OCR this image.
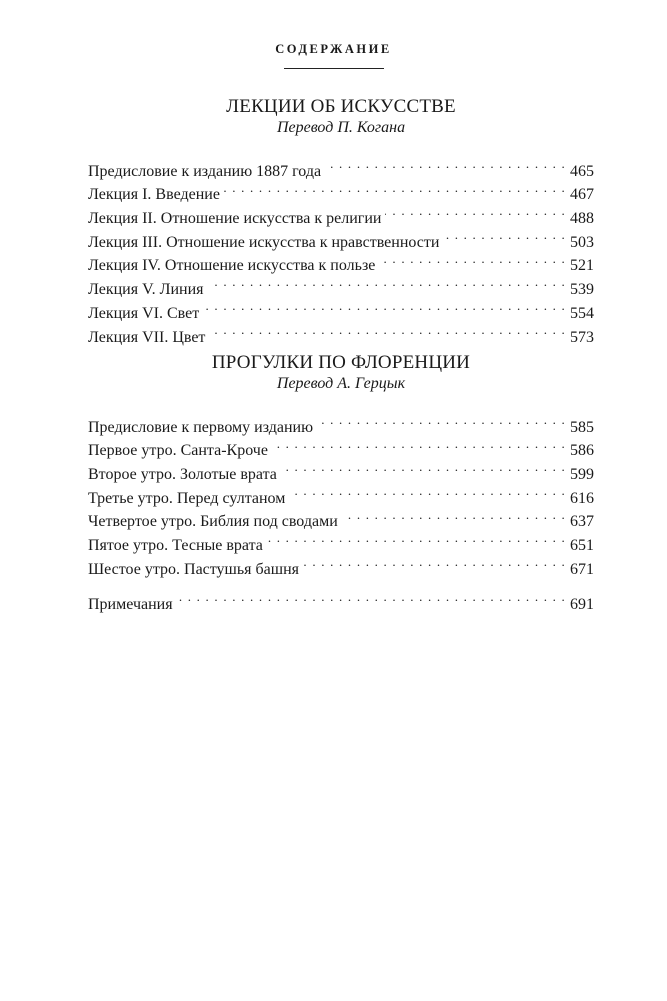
СОДЕРЖАНИЕ
ЛЕКЦИИ ОБ ИСКУССТВЕ
Перевод П. Когана
Предисловие к изданию 1887 года . . .	465
Лекция I. Введение . . .	467
Лекция II. Отношение искусства к религии . . .	488
Лекция III. Отношение искусства к нравственности . . .	503
Лекция IV. Отношение искусства к пользе . . .	521
Лекция V. Линия . . .	539
Лекция VI. Свет . . .	554
Лекция VII. Цвет . . .	573
ПРОГУЛКИ ПО ФЛОРЕНЦИИ
Перевод А. Герцык
Предисловие к первому изданию . . .	585
Первое утро. Санта-Кроче . . .	586
Второе утро. Золотые врата . . .	599
Третье утро. Перед султаном . . .	616
Четвертое утро. Библия под сводами . . .	637
Пятое утро. Тесные врата . . .	651
Шестое утро. Пастушья башня . . .	671
Примечания . . .	691
